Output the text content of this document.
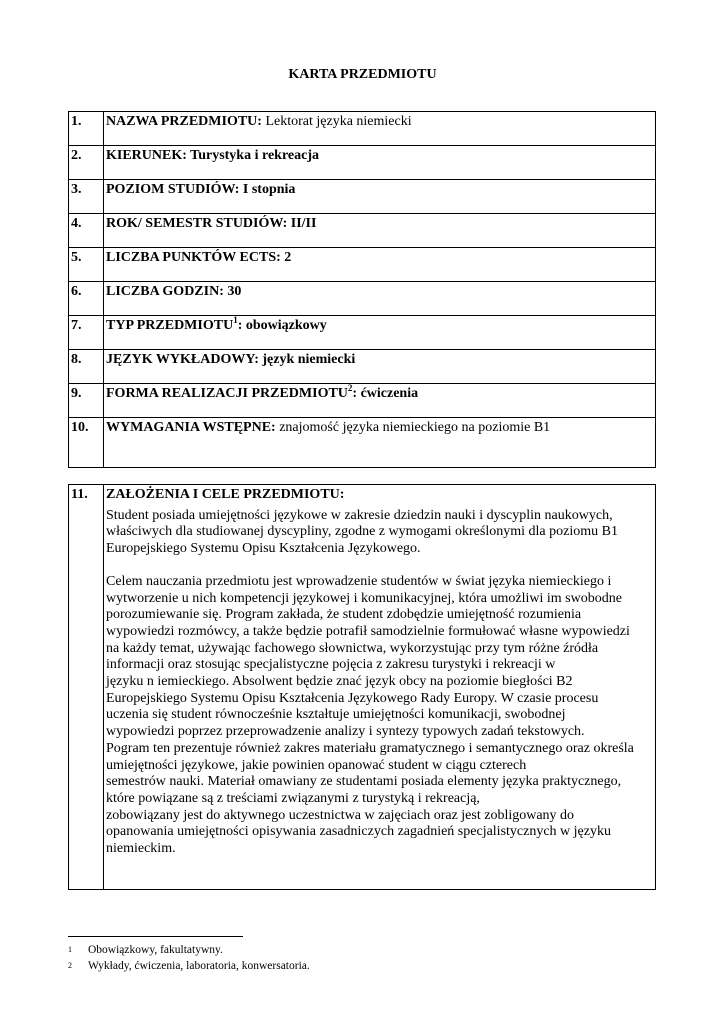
KARTA PRZEDMIOTU
1.	NAZWA PRZEDMIOTU: Lektorat języka niemiecki
2.	KIERUNEK: Turystyka i rekreacja
3.	POZIOM STUDIÓW: I stopnia
4.	ROK/ SEMESTR STUDIÓW: II/II
5.	LICZBA PUNKTÓW ECTS: 2
6.	LICZBA GODZIN: 30
7.	TYP PRZEDMIOTU$^1$: obowiązkowy
8.	JĘZYK WYKŁADOWY: język niemiecki
9.	FORMA REALIZACJI PRZEDMIOTU$^2$: ćwiczenia
10.	WYMAGANIA WSTĘPNE: znajomość języka niemieckiego na poziomie B1
11.	ZAŁOŻENIA I CELE PRZEDMIOTU:

Student posiada umiejętności językowe w zakresie dziedzin nauki i dyscyplin naukowych,

właściwych dla studiowanej dyscypliny, zgodne z wymogami określonymi dla poziomu B1

Europejskiego Systemu Opisu Kształcenia Językowego.

Celem nauczania przedmiotu jest wprowadzenie studentów w świat języka niemieckiego i

wytworzenie u nich kompetencji językowej i komunikacyjnej, która umożliwi im swobodne

porozumiewanie się. Program zakłada, że student zdobędzie umiejętność rozumienia

wypowiedzi rozmówcy, a także będzie potrafił samodzielnie formułować własne wypowiedzi

na każdy temat, używając fachowego słownictwa, wykorzystując przy tym różne źródła

informacji oraz stosując specjalistyczne pojęcia z zakresu turystyki i rekreacji w

języku n iemieckiego. Absolwent będzie znać język obcy na poziomie biegłości B2

Europejskiego Systemu Opisu Kształcenia Językowego Rady Europy. W czasie procesu

uczenia się student równocześnie kształtuje umiejętności komunikacji, swobodnej

wypowiedzi poprzez przeprowadzenie analizy i syntezy typowych zadań tekstowych.

Pogram ten prezentuje również zakres materiału gramatycznego i semantycznego oraz określa

umiejętności językowe, jakie powinien opanować student w ciągu czterech

semestrów nauki. Materiał omawiany ze studentami posiada elementy języka praktycznego,

które powiązane są z treściami związanymi z turystyką i rekreacją,

zobowiązany jest do aktywnego uczestnictwa w zajęciach oraz jest zobligowany do

opanowania umiejętności opisywania zasadniczych zagadnień specjalistycznych w języku

niemieckim.

1 Obowiązkowy, fakultatywny.
2 Wykłady, ćwiczenia, laboratoria, konwersatoria.
